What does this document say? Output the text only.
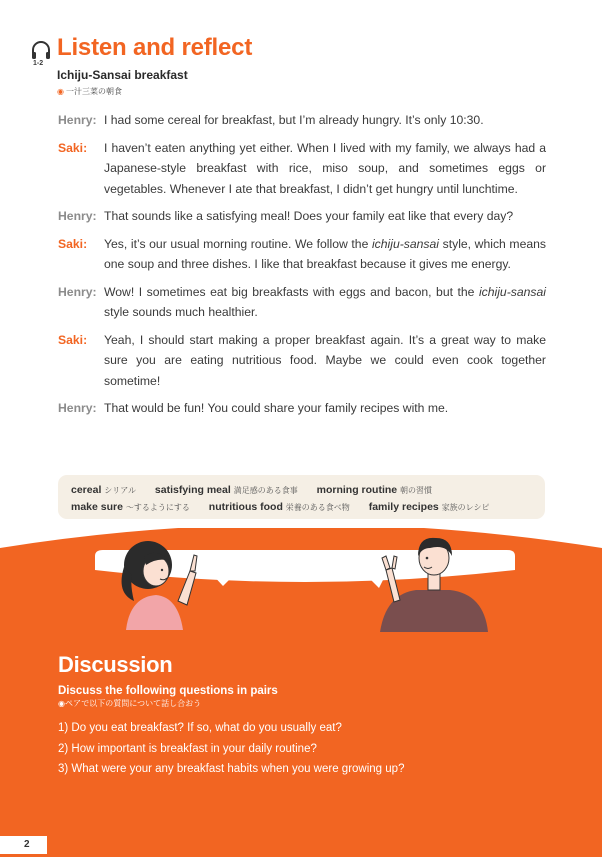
1-2
Listen and reflect
Ichiju-Sansai breakfast
◉ 一汁三菜の朝食
Henry: I had some cereal for breakfast, but I’m already hungry. It’s only 10:30.
Saki:	I haven’t eaten anything yet either. When I lived with my family, we always had a Japanese-style breakfast with rice, miso soup, and sometimes eggs or vegetables. Whenever I ate that breakfast, I didn’t get hungry until lunchtime.
Henry: That sounds like a satisfying meal! Does your family eat like that every day?
Saki:	Yes, it’s our usual morning routine. We follow the ichiju-sansai style, which means one soup and three dishes. I like that breakfast because it gives me energy.
Henry: Wow! I sometimes eat big breakfasts with eggs and bacon, but the ichiju-sansai style sounds much healthier.
Saki:	Yeah, I should start making a proper breakfast again. It’s a great way to make sure you are eating nutritious food. Maybe we could even cook together sometime!
Henry: That would be fun! You could share your family recipes with me.
cereal シリアル satisfying meal 満足感のある食事 morning routine 朝の習慣
make sure 〜するようにする nutritious food 栄養のある食べ物 family recipes 家族のレシピ
Discussion
Discuss the following questions in pairs
◉ペアで以下の質問について話し合おう
1) Do you eat breakfast? If so, what do you usually eat?
2) How important is breakfast in your daily routine?
3) What were your any breakfast habits when you were growing up?
2
